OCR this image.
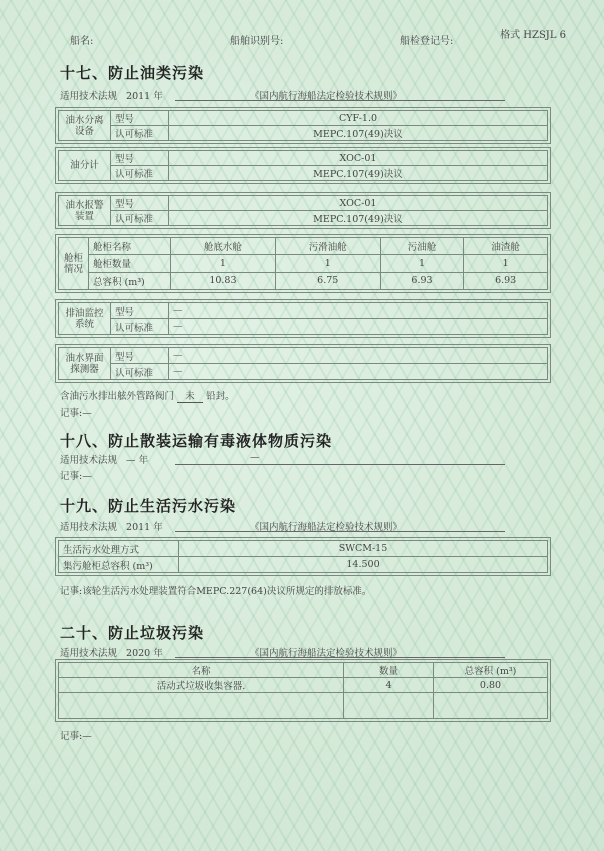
格式 HZSJL 6
船名:	船舶识别号:	船检登记号:
十七、防止油类污染
适用技术法规 2011 年	《国内航行海船法定检验技术规则》
油水分离设备	型号	CYF-1.0
	认可标准	MEPC.107(49)决议
油分计	型号	XOC-01
	认可标准	MEPC.107(49)决议
油水报警装置	型号	XOC-01
	认可标准	MEPC.107(49)决议
舱柜情况	舱柜名称	舱底水舱	污滑油舱	污油舱	油渣舱
	舱柜数量	1	1	1	1
	总容积 (m³)	10.83	6.75	6.93	6.93
排油监控系统	型号	—
	认可标准	—
油水界面探测器	型号	—
	认可标准	—
含油污水排出舷外管路阀门 未 铅封。
记事:—
十八、防止散装运输有毒液体物质污染
适用技术法规 — 年	—
记事:—
十九、防止生活污水污染
适用技术法规 2011 年	《国内航行海船法定检验技术规则》
生活污水处理方式	SWCM-15
集污舱柜总容积 (m³)	14.500
记事:该轮生活污水处理装置符合MEPC.227(64)决议所规定的排放标准。
二十、防止垃圾污染
适用技术法规 2020 年	《国内航行海船法定检验技术规则》
名称	数量	总容积 (m³)
活动式垃圾收集容器.	4	0.80

记事:—
